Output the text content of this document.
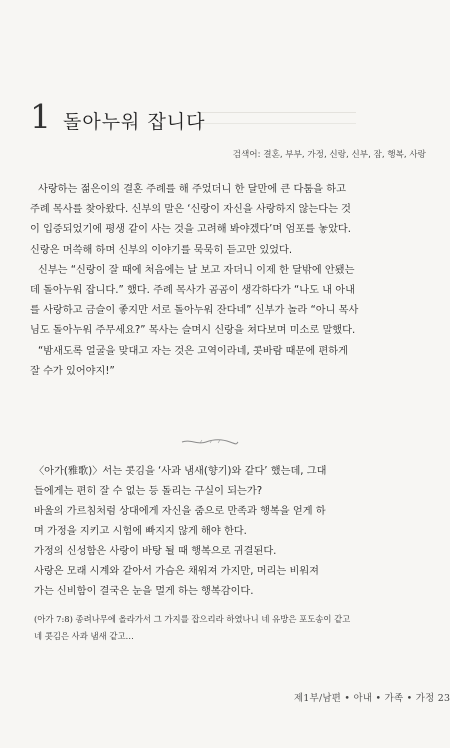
1 돌아누워 잡니다
검색어: 결혼, 부부, 가정, 신랑, 신부, 잠, 행복, 사랑

사랑하는 젊은이의 결혼 주례를 해 주었더니 한 달만에 큰 다툼을 하고
주례 목사를 찾아왔다. 신부의 말은 ‘신랑이 자신을 사랑하지 않는다는 것
이 입증되었기에 평생 같이 사는 것을 고려해 봐야겠다’며 엄포를 놓았다.
신랑은 머쓱해 하며 신부의 이야기를 묵묵히 듣고만 있었다.

신부는 “신랑이 잘 때에 처음에는 날 보고 자더니 이제 한 달밖에 안됐는
데 돌아누워 잡니다.” 했다. 주례 목사가 곰곰이 생각하다가 “나도 내 아내
를 사랑하고 금슬이 좋지만 서로 돌아누워 잔다네” 신부가 놀라 “아니 목사
님도 돌아누워 주무세요?” 목사는 슬며시 신랑을 쳐다보며 미소로 말했다.

“밤새도록 얼굴을 맞대고 자는 것은 고역이라네, 콧바람 때문에 편하게
잘 수가 있어야지!”

〈아가(雅歌)〉서는 콧김을 ‘사과 냄새(향기)와 같다’ 했는데, 그대
들에게는 편히 잘 수 없는 등 돌리는 구실이 되는가?
바울의 가르침처럼 상대에게 자신을 줌으로 만족과 행복을 얻게 하
며 가정을 지키고 시험에 빠지지 않게 해야 한다.
가정의 신성함은 사랑이 바탕 될 때 행복으로 귀결된다.
사랑은 모래 시계와 같아서 가슴은 채워져 가지만, 머리는 비워져
가는 신비함이 결국은 눈을 멀게 하는 행복감이다.
(아가 7:8) 종려나무에 올라가서 그 가지를 잡으리라 하였나니 네 유방은 포도송이 같고
네 콧김은 사과 냄새 같고…
제1부/남편 • 아내 • 가족 • 가정 23
